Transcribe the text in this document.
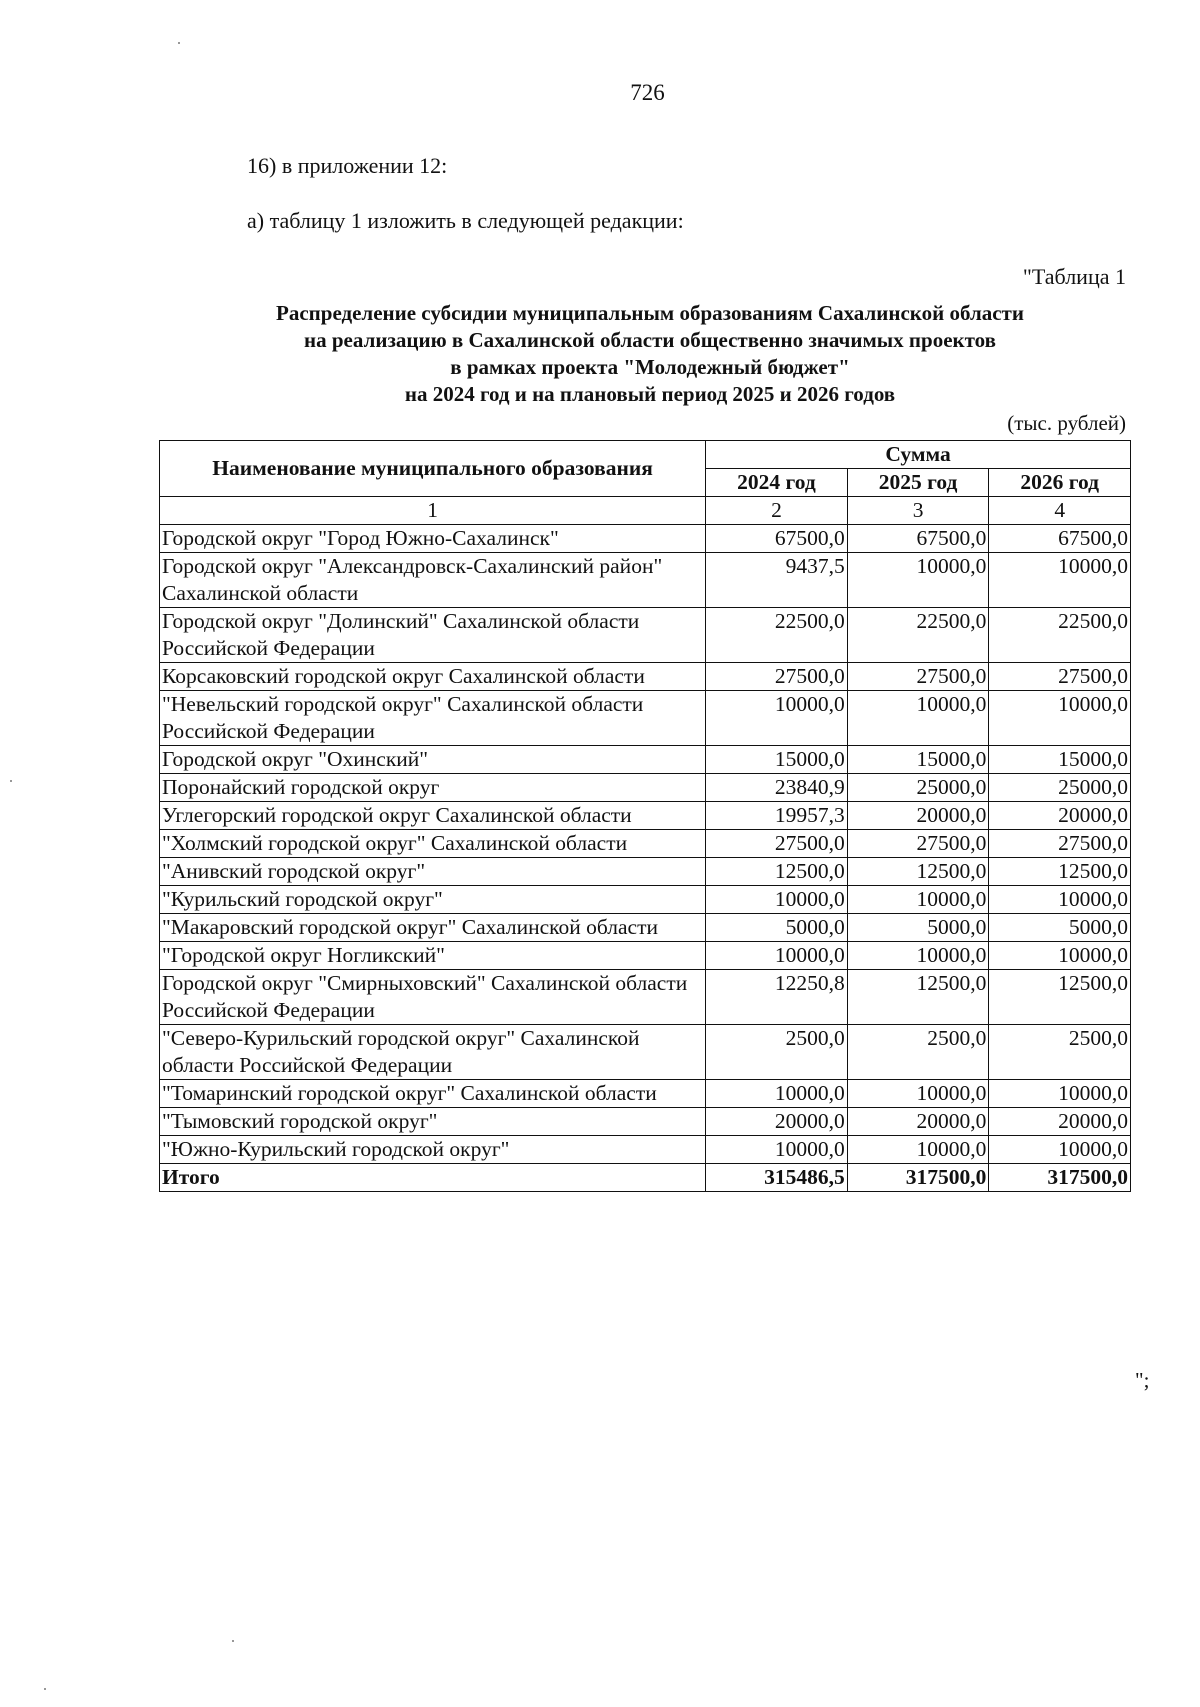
726
16) в приложении 12:
а) таблицу 1 изложить в следующей редакции:
"Таблица 1
Распределение субсидии муниципальным образованиям Сахалинской области
на реализацию в Сахалинской области общественно значимых проектов
в рамках проекта "Молодежный бюджет"
на 2024 год и на плановый период 2025 и 2026 годов
(тыс. рублей)
Наименование муниципального образования	Сумма		
	2024 год	2025 год	2026 год
1	2	3	4
Городской округ "Город Южно-Сахалинск"	67500,0	67500,0	67500,0
Городской округ "Александровск-Сахалинский район" Сахалинской области	9437,5	10000,0	10000,0
Городской округ "Долинский" Сахалинской области Российской Федерации	22500,0	22500,0	22500,0
Корсаковский городской округ Сахалинской области	27500,0	27500,0	27500,0
"Невельский городской округ" Сахалинской области Российской Федерации	10000,0	10000,0	10000,0
Городской округ "Охинский"	15000,0	15000,0	15000,0
Поронайский городской округ	23840,9	25000,0	25000,0
Углегорский городской округ Сахалинской области	19957,3	20000,0	20000,0
"Холмский городской округ" Сахалинской области	27500,0	27500,0	27500,0
"Анивский городской округ"	12500,0	12500,0	12500,0
"Курильский городской округ"	10000,0	10000,0	10000,0
"Макаровский городской округ" Сахалинской области	5000,0	5000,0	5000,0
"Городской округ Ногликский"	10000,0	10000,0	10000,0
Городской округ "Смирныховский" Сахалинской области Российской Федерации	12250,8	12500,0	12500,0
"Северо-Курильский городской округ" Сахалинской области Российской Федерации	2500,0	2500,0	2500,0
"Томаринский городской округ" Сахалинской области	10000,0	10000,0	10000,0
"Тымовский городской округ"	20000,0	20000,0	20000,0
"Южно-Курильский городской округ"	10000,0	10000,0	10000,0
Итого	315486,5	317500,0	317500,0
";
